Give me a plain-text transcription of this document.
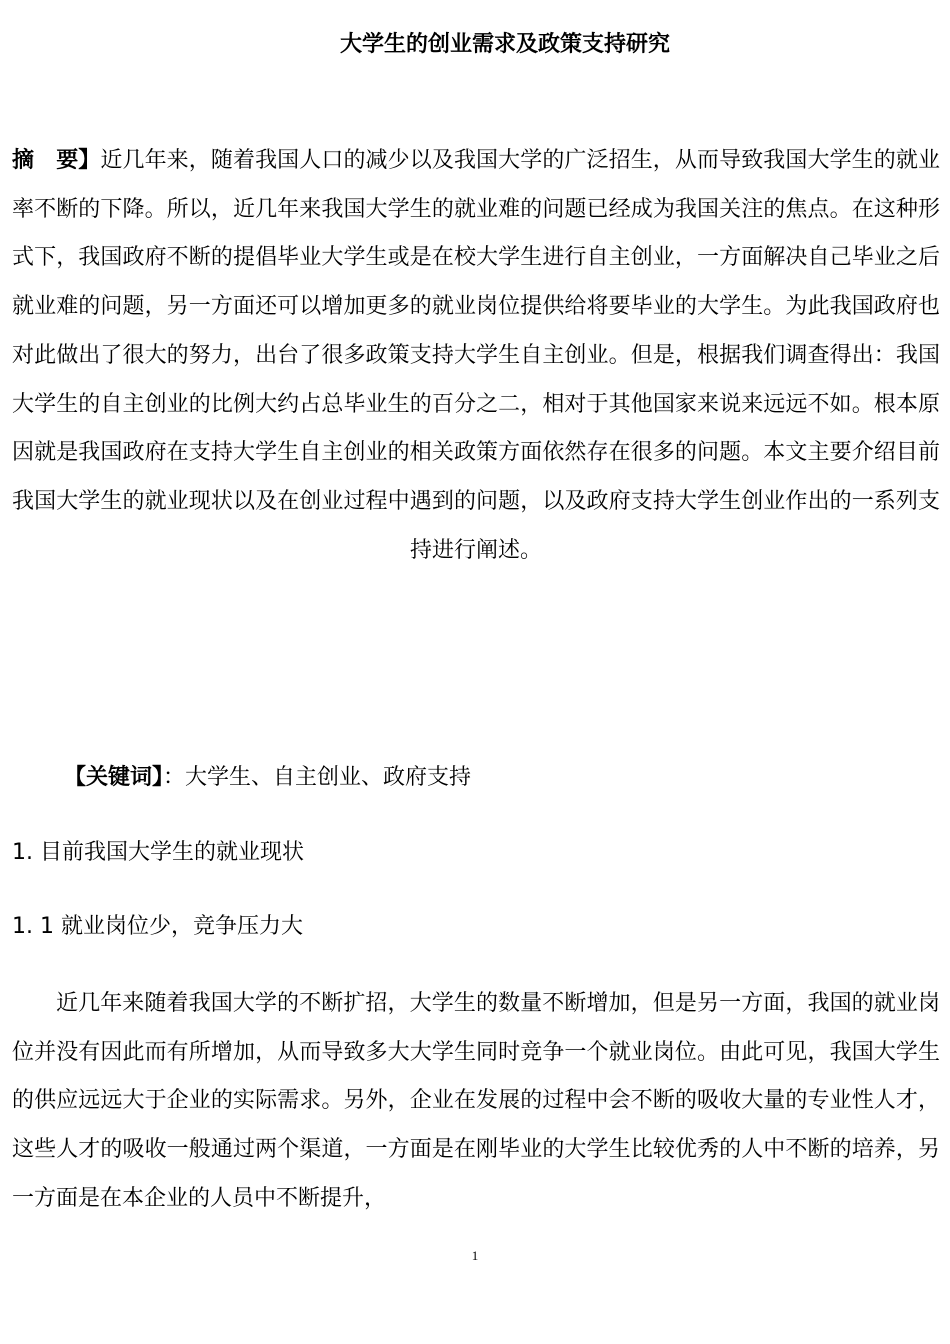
大学生的创业需求及政策支持研究

摘　要】近几年来，随着我国人口的减少以及我国大学的广泛招生，从而导致我国大学生的就业率不断的下降。所以，近几年来我国大学生的就业难的问题已经成为我国关注的焦点。在这种形式下，我国政府不断的提倡毕业大学生或是在校大学生进行自主创业，一方面解决自己毕业之后就业难的问题，另一方面还可以增加更多的就业岗位提供给将要毕业的大学生。为此我国政府也对此做出了很大的努力，出台了很多政策支持大学生自主创业。但是，根据我们调查得出：我国大学生的自主创业的比例大约占总毕业生的百分之二，相对于其他国家来说来远远不如。根本原因就是我国政府在支持大学生自主创业的相关政策方面依然存在很多的问题。本文主要介绍目前我国大学生的就业现状以及在创业过程中遇到的问题，以及政府支持大学生创业作出的一系列支持进行阐述。

【关键词】：大学生、自主创业、政府支持

1. 目前我国大学生的就业现状

1. 1 就业岗位少，竞争压力大

近几年来随着我国大学的不断扩招，大学生的数量不断增加，但是另一方面，我国的就业岗位并没有因此而有所增加，从而导致多大大学生同时竞争一个就业岗位。由此可见，我国大学生的供应远远大于企业的实际需求。另外，企业在发展的过程中会不断的吸收大量的专业性人才，这些人才的吸收一般通过两个渠道，一方面是在刚毕业的大学生比较优秀的人中不断的培养，另一方面是在本企业的人员中不断提升，

1
